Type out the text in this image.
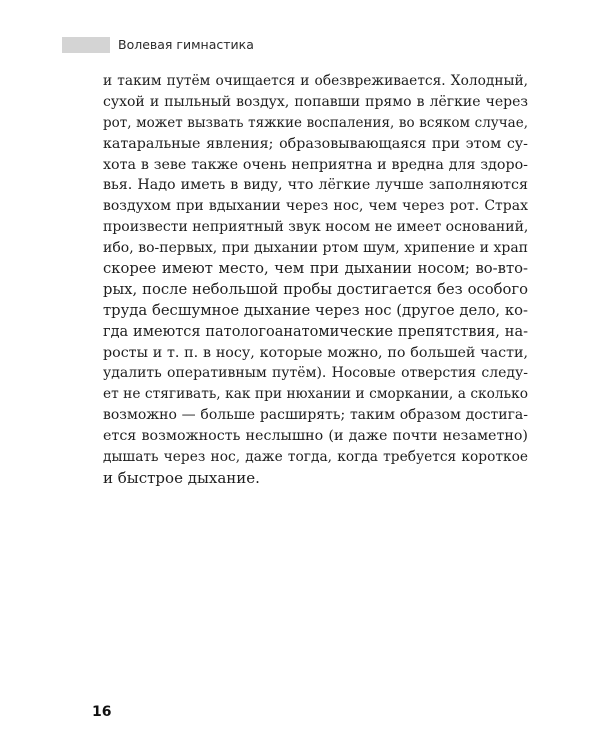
Волевая гимнастика
и таким путём очищается и обезвреживается. Холодный,
сухой и пыльный воздух, попавши прямо в лёгкие через
рот, может вызвать тяжкие воспаления, во всяком случае,
катаральные явления; образовывающаяся при этом су-
хота в зеве также очень неприятна и вредна для здоро-
вья. Надо иметь в виду, что лёгкие лучше заполняются
воздухом при вдыхании через нос, чем через рот. Страх
произвести неприятный звук носом не имеет оснований,
ибо, во-первых, при дыхании ртом шум, хрипение и храп
скорее имеют место, чем при дыхании носом; во-вто-
рых, после небольшой пробы достигается без особого
труда бесшумное дыхание через нос (другое дело, ко-
гда имеются патологоанатомические препятствия, на-
росты и т. п. в носу, которые можно, по большей части,
удалить оперативным путём). Носовые отверстия следу-
ет не стягивать, как при нюхании и сморкании, а сколько
возможно — больше расширять; таким образом достига-
ется возможность неслышно (и даже почти незаметно)
дышать через нос, даже тогда, когда требуется короткое
и быстрое дыхание.
16
